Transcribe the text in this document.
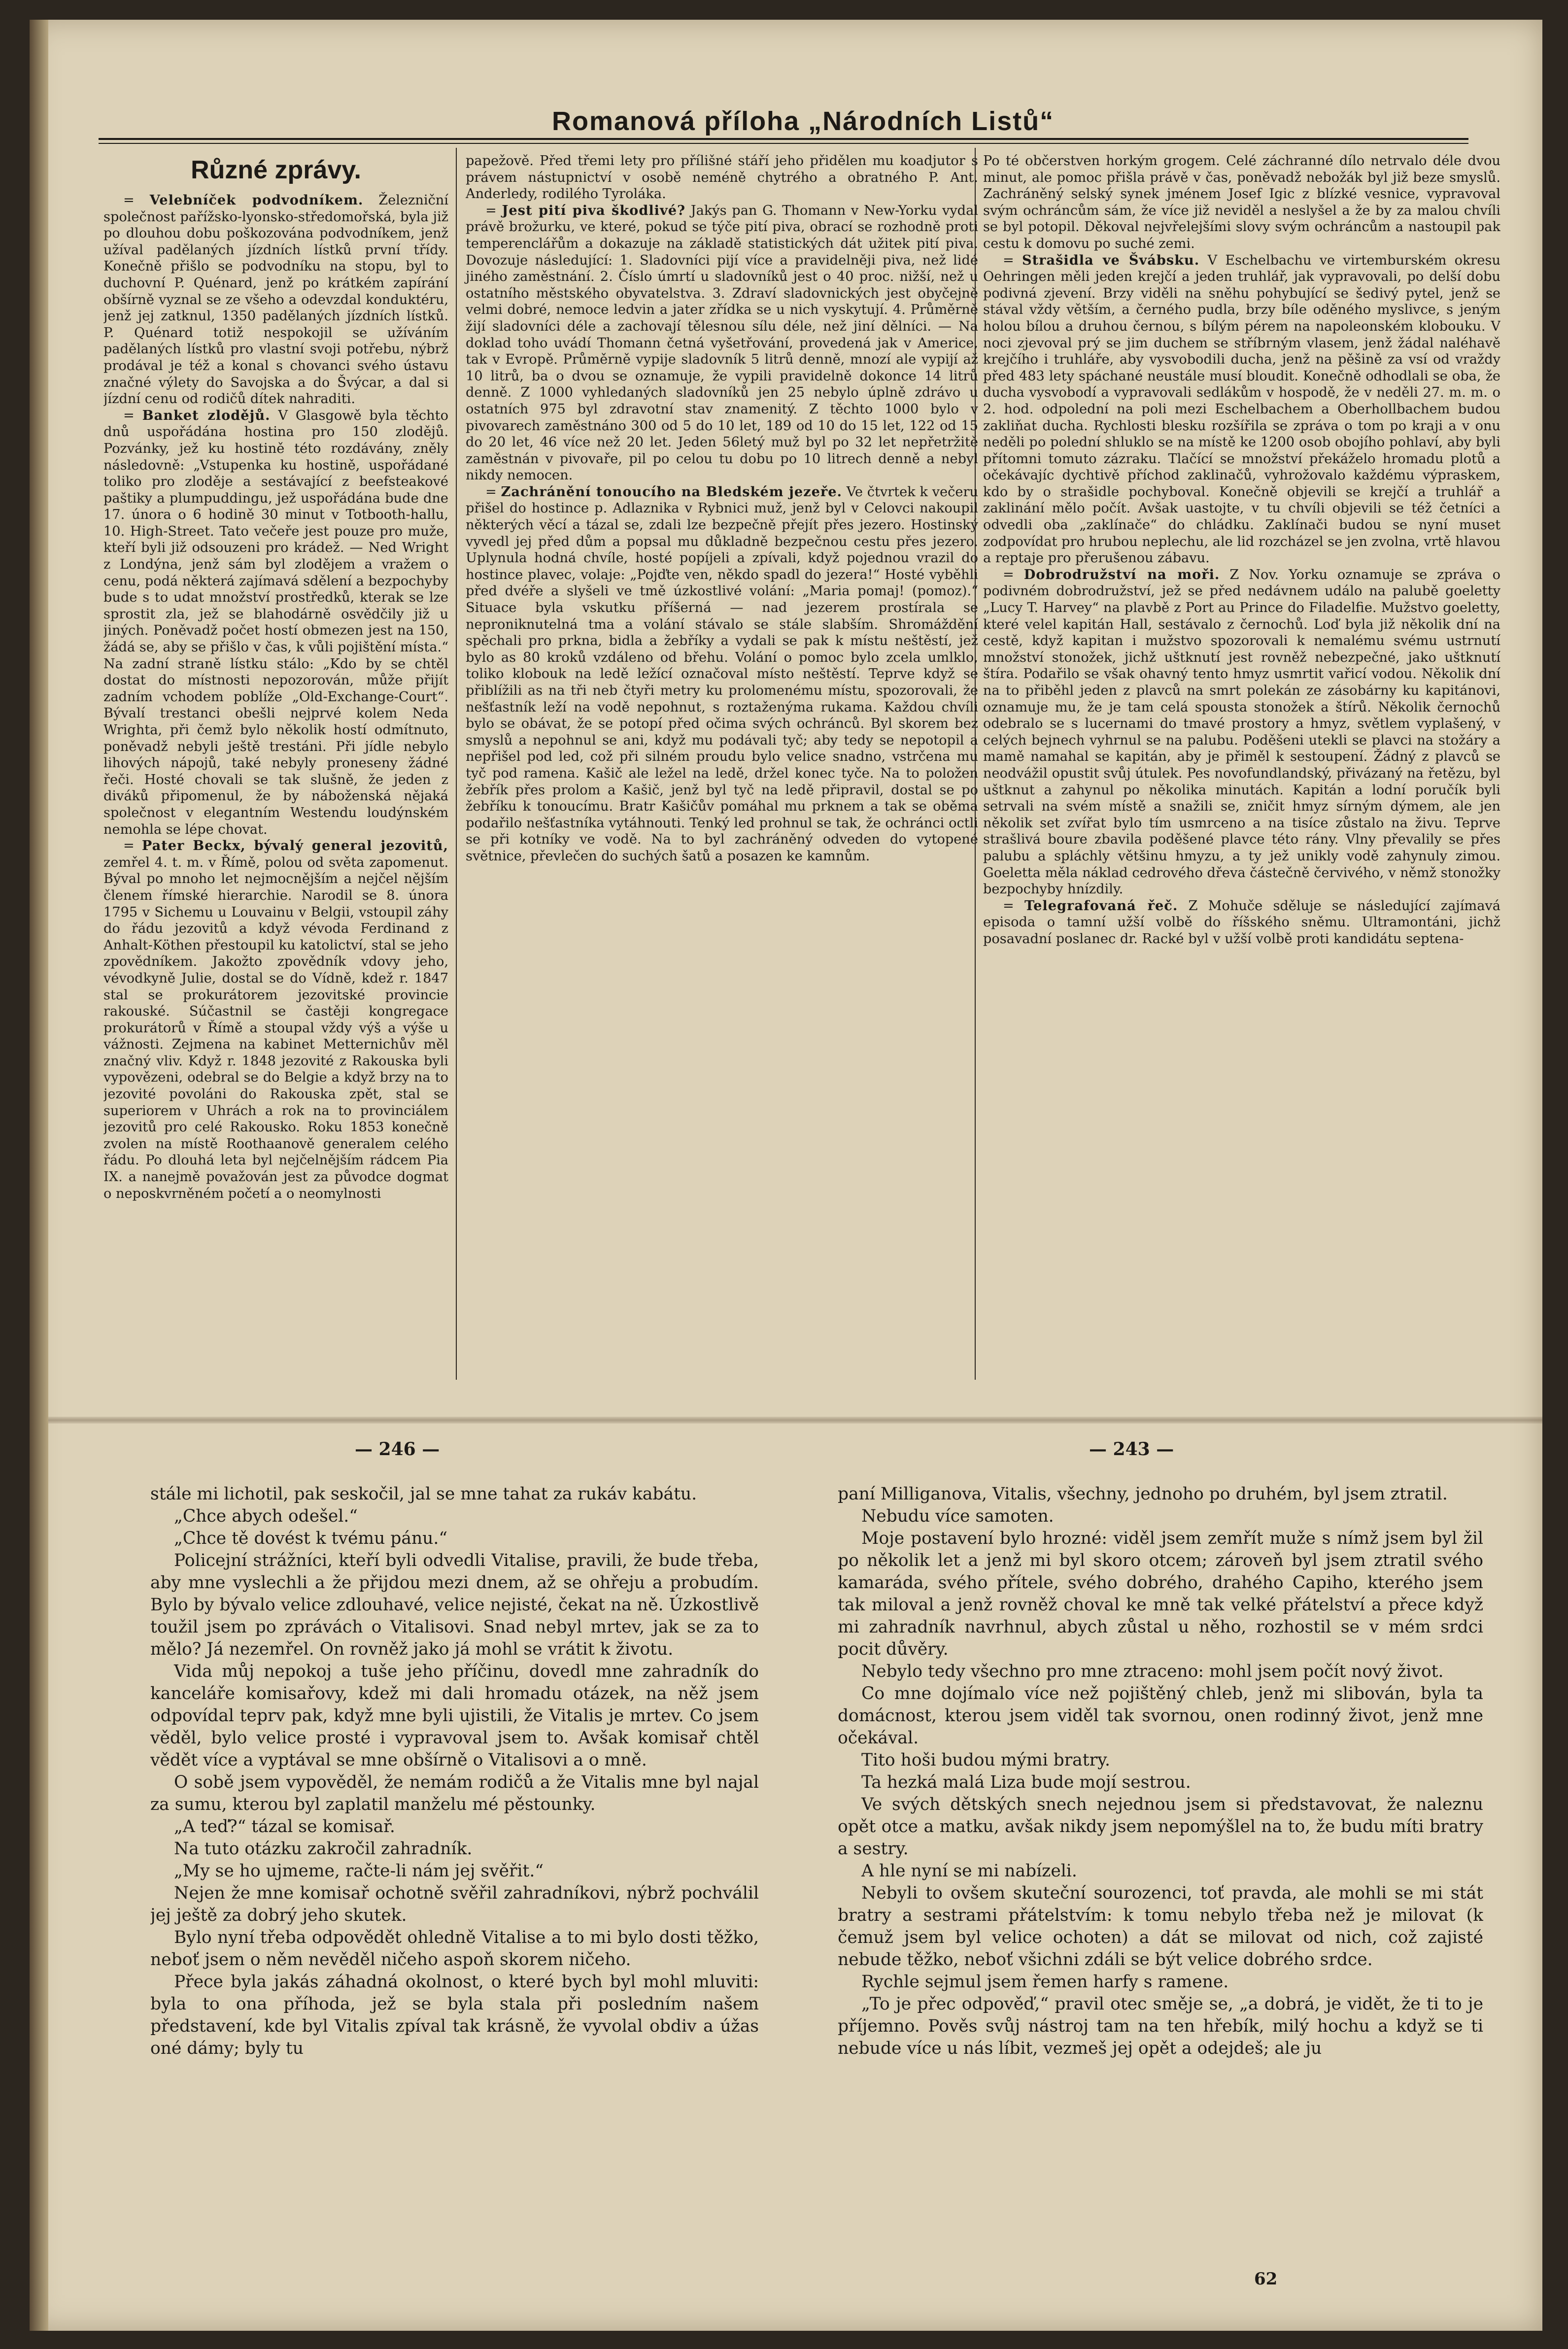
Romanová příloha „Národních Listů“
Různé zprávy.

= Velebníček podvodníkem. Železniční společnost pařížsko-lyonsko-středomořská, byla již po dlouhou dobu poškozována podvodníkem, jenž užíval padělaných jízdních lístků první třídy. Konečně přišlo se podvodníku na stopu, byl to duchovní P. Quénard, jenž po krátkém zapírání obšírně vyznal se ze všeho a odevzdal konduktéru, jenž jej zatknul, 1350 padělaných jízdních lístků. P. Quénard totiž nespokojil se užíváním padělaných lístků pro vlastní svoji potřebu, nýbrž prodával je též a konal s chovanci svého ústavu značné výlety do Savojska a do Švýcar, a dal si jízdní cenu od rodičů dítek nahraditi.

= Banket zlodějů. V Glasgowě byla těchto dnů uspořádána hostina pro 150 zlodějů. Pozvánky, jež ku hostině této rozdávány, zněly následovně: „Vstupenka ku hostině, uspořádané toliko pro zloděje a sestávající z beefsteakové paštiky a plumpuddingu, jež uspořádána bude dne 17. února o 6 hodině 30 minut v Totbooth-hallu, 10. High-Street. Tato večeře jest pouze pro muže, kteří byli již odsouzeni pro krádež. — Ned Wright z Londýna, jenž sám byl zlodějem a vražem o cenu, podá některá zajímavá sdělení a bezpochyby bude s to udat množství prostředků, kterak se lze sprostit zla, jež se blahodárně osvědčily již u jiných. Poněvadž počet hostí obmezen jest na 150, žádá se, aby se přišlo v čas, k vůli pojištění místa.“ Na zadní straně lístku stálo: „Kdo by se chtěl dostat do místnosti nepozorován, může přijít zadním vchodem poblíže „Old-Exchange-Court“. Bývalí trestanci obešli nejprvé kolem Neda Wrighta, při čemž bylo několik hostí odmítnuto, poněvadž nebyli ještě trestáni. Při jídle nebylo lihových nápojů, také nebyly proneseny žádné řeči. Hosté chovali se tak slušně, že jeden z diváků připomenul, že by náboženská nějaká společnost v elegantním Westendu loudýnském nemohla se lépe chovat.

= Pater Beckx, bývalý general jezovitů, zemřel 4. t. m. v Římě, polou od světa zapomenut. Býval po mnoho let nejmocnějším a nejčel nějším členem římské hierarchie. Narodil se 8. února 1795 v Sichemu u Louvainu v Belgii, vstoupil záhy do řádu jezovitů a když vévoda Ferdinand z Anhalt-Köthen přestoupil ku katolictví, stal se jeho zpovědníkem. Jakožto zpovědník vdovy jeho, vévodkyně Julie, dostal se do Vídně, kdež r. 1847 stal se prokurátorem jezovitské provincie rakouské. Súčastnil se častěji kongregace prokurátorů v Římě a stoupal vždy výš a výše u vážnosti. Zejmena na kabinet Metternichův měl značný vliv. Když r. 1848 jezovité z Rakouska byli vypovězeni, odebral se do Belgie a když brzy na to jezovité povoláni do Rakouska zpět, stal se superiorem v Uhrách a rok na to provinciálem jezovitů pro celé Rakousko. Roku 1853 konečně zvolen na místě Roothaanově generalem celého řádu. Po dlouhá leta byl nejčelnějším rádcem Pia IX. a nanejmě považován jest za původce dogmat o neposkvrněném početí a o neomylnosti

papežově. Před třemi lety pro přílišné stáří jeho přidělen mu koadjutor s právem nástupnictví v osobě neméně chytrého a obratného P. Ant. Anderledy, rodilého Tyroláka.

= Jest pití piva škodlivé? Jakýs pan G. Thomann v New-Yorku vydal právě brožurku, ve které, pokud se týče pití piva, obrací se rozhodně proti temperenclářům a dokazuje na základě statistických dát užitek pití piva. Dovozuje následující: 1. Sladovníci pijí více a pravidelněji piva, než lidé jiného zaměstnání. 2. Číslo úmrtí u sladovníků jest o 40 proc. nižší, než u ostatního městského obyvatelstva. 3. Zdraví sladovnických jest obyčejně velmi dobré, nemoce ledvin a jater zřídka se u nich vyskytují. 4. Průměrně žijí sladovníci déle a zachovají tělesnou sílu déle, než jiní dělníci. — Na doklad toho uvádí Thomann četná vyšetřování, provedená jak v Americe, tak v Evropě. Průměrně vypije sladovník 5 litrů denně, mnozí ale vypijí až 10 litrů, ba o dvou se oznamuje, že vypili pravidelně dokonce 14 litrů denně. Z 1000 vyhledaných sladovníků jen 25 nebylo úplně zdrávo u ostatních 975 byl zdravotní stav znamenitý. Z těchto 1000 bylo v pivovarech zaměstnáno 300 od 5 do 10 let, 189 od 10 do 15 let, 122 od 15 do 20 let, 46 více než 20 let. Jeden 56letý muž byl po 32 let nepřetržitě zaměstnán v pivovaře, pil po celou tu dobu po 10 litrech denně a nebyl nikdy nemocen.

= Zachránění tonoucího na Bledském jezeře. Ve čtvrtek k večeru přišel do hostince p. Adlaznika v Rybnici muž, jenž byl v Celovci nakoupil některých věcí a tázal se, zdali lze bezpečně přejít přes jezero. Hostinský vyvedl jej před dům a popsal mu důkladně bezpečnou cestu přes jezero. Uplynula hodná chvíle, hosté popíjeli a zpívali, když pojednou vrazil do hostince plavec, volaje: „Pojďte ven, někdo spadl do jezera!“ Hosté vyběhli před dvéře a slyšeli ve tmě úzkostlivé volání: „Maria pomaj! (pomoz).“ Situace byla vskutku příšerná — nad jezerem prostírala se neproniknutelná tma a volání stávalo se stále slabším. Shromáždění spěchali pro prkna, bidla a žebříky a vydali se pak k místu neštěstí, jež bylo as 80 kroků vzdáleno od břehu. Volání o pomoc bylo zcela umlklo, toliko klobouk na ledě ležící označoval místo neštěstí. Teprve když se přiblížili as na tři neb čtyři metry ku prolomenému místu, spozorovali, že nešťastník leží na vodě nepohnut, s roztaženýma rukama. Každou chvíli bylo se obávat, že se potopí před očima svých ochránců. Byl skorem bez smyslů a nepohnul se ani, když mu podávali tyč; aby tedy se nepotopil a nepřišel pod led, což při silném proudu bylo velice snadno, vstrčena mu tyč pod ramena. Kašič ale ležel na ledě, držel konec tyče. Na to položen žebřík přes prolom a Kašič, jenž byl tyč na ledě připravil, dostal se po žebříku k tonoucímu. Bratr Kašičův pomáhal mu prknem a tak se oběma podařilo nešťastníka vytáhnouti. Tenký led prohnul se tak, že ochránci octli se při kotníky ve vodě. Na to byl zachráněný odveden do vytopené světnice, převlečen do suchých šatů a posazen ke kamnům.

Po té občerstven horkým grogem. Celé záchranné dílo netrvalo déle dvou minut, ale pomoc přišla právě v čas, poněvadž nebožák byl již beze smyslů. Zachráněný selský synek jménem Josef Igic z blízké vesnice, vypravoval svým ochráncům sám, že více již neviděl a neslyšel a že by za malou chvíli se byl potopil. Děkoval nejvřelejšími slovy svým ochráncům a nastoupil pak cestu k domovu po suché zemi.

= Strašidla ve Švábsku. V Eschelbachu ve virtemburském okresu Oehringen měli jeden krejčí a jeden truhlář, jak vypravovali, po delší dobu podivná zjevení. Brzy viděli na sněhu pohybující se šedivý pytel, jenž se stával vždy větším, a černého pudla, brzy bíle oděného myslivce, s jeným holou bílou a druhou černou, s bílým pérem na napoleonském klobouku. V noci zjevoval prý se jim duchem se stříbrným vlasem, jenž žádal naléhavě krejčího i truhláře, aby vysvobodili ducha, jenž na pěšině za vsí od vraždy před 483 lety spáchané neustále musí bloudit. Konečně odhodlali se oba, že ducha vysvobodí a vypravovali sedlákům v hospodě, že v neděli 27. m. m. o 2. hod. odpolední na poli mezi Eschelbachem a Oberhollbachem budou zakliňat ducha. Rychlosti blesku rozšířila se zpráva o tom po kraji a v onu neděli po polední shluklo se na místě ke 1200 osob obojího pohlaví, aby byli přítomni tomuto zázraku. Tlačící se množství překáželo hromadu plotů a očekávajíc dychtivě příchod zaklinačů, vyhrožovalo každému výpraskem, kdo by o strašidle pochyboval. Konečně objevili se krejčí a truhlář a zaklinání mělo počít. Avšak uastojte, v tu chvíli objevili se též četníci a odvedli oba „zaklínače“ do chládku. Zaklínači budou se nyní muset zodpovídat pro hrubou neplechu, ale lid rozcházel se jen zvolna, vrtě hlavou a reptaje pro přerušenou zábavu.

= Dobrodružství na moři. Z Nov. Yorku oznamuje se zpráva o podivném dobrodružství, jež se před nedávnem událo na palubě goeletty „Lucy T. Harvey“ na plavbě z Port au Prince do Filadelfie. Mužstvo goeletty, které velel kapitán Hall, sestávalo z černochů. Loď byla již několik dní na cestě, když kapitan i mužstvo spozorovali k nemalému svému ustrnutí množství stonožek, jichž uštknutí jest rovněž nebezpečné, jako uštknutí štíra. Podařilo se však ohavný tento hmyz usmrtit vařicí vodou. Několik dní na to přiběhl jeden z plavců na smrt polekán ze zásobárny ku kapitánovi, oznamuje mu, že je tam celá spousta stonožek a štírů. Několik černochů odebralo se s lucernami do tmavé prostory a hmyz, světlem vyplašený, v celých bejnech vyhrnul se na palubu. Poděšeni utekli se plavci na stožáry a mamě namahal se kapitán, aby je přiměl k sestoupení. Žádný z plavců se neodvážil opustit svůj útulek. Pes novofundlandský, přivázaný na řetězu, byl uštknut a zahynul po několika minutách. Kapitán a lodní poručík byli setrvali na svém místě a snažili se, zničit hmyz sírným dýmem, ale jen několik set zvířat bylo tím usmrceno a na tisíce zůstalo na živu. Teprve strašlivá boure zbavila poděšené plavce této rány. Vlny převalily se přes palubu a spláchly většinu hmyzu, a ty jež unikly vodě zahynuly zimou. Goeletta měla náklad cedrového dřeva částečně červivého, v němž stonožky bezpochyby hnízdily.

= Telegrafovaná řeč. Z Mohuče sděluje se následující zajímavá episoda o tamní užší volbě do říšského sněmu. Ultramontáni, jichž posavadní poslanec dr. Racké byl v užší volbě proti kandidátu septena-

— 246 —	— 243 —

stále mi lichotil, pak seskočil, jal se mne tahat za rukáv kabátu.

„Chce abych odešel.“

„Chce tě dovést k tvému pánu.“

Policejní strážníci, kteří byli odvedli Vitalise, pravili, že bude třeba, aby mne vyslechli a že přijdou mezi dnem, až se ohřeju a probudím. Bylo by bývalo velice zdlouhavé, velice nejisté, čekat na ně. Úzkostlivě toužil jsem po zprávách o Vitalisovi. Snad nebyl mrtev, jak se za to mělo? Já nezemřel. On rovněž jako já mohl se vrátit k životu.

Vida můj nepokoj a tuše jeho příčinu, dovedl mne zahradník do kanceláře komisařovy, kdež mi dali hromadu otázek, na něž jsem odpovídal teprv pak, když mne byli ujistili, že Vitalis je mrtev. Co jsem věděl, bylo velice prosté i vypravoval jsem to. Avšak komisař chtěl vědět více a vyptával se mne obšírně o Vitalisovi a o mně.

O sobě jsem vypověděl, že nemám rodičů a že Vitalis mne byl najal za sumu, kterou byl zaplatil manželu mé pěstounky.

„A teď?“ tázal se komisař.

Na tuto otázku zakročil zahradník.

„My se ho ujmeme, račte-li nám jej svěřit.“

Nejen že mne komisař ochotně svěřil zahradníkovi, nýbrž pochválil jej ještě za dobrý jeho skutek.

Bylo nyní třeba odpovědět ohledně Vitalise a to mi bylo dosti těžko, neboť jsem o něm nevěděl ničeho aspoň skorem ničeho.

Přece byla jakás záhadná okolnost, o které bych byl mohl mluviti: byla to ona příhoda, jež se byla stala při posledním našem představení, kde byl Vitalis zpíval tak krásně, že vyvolal obdiv a úžas oné dámy; byly tu

paní Milliganova, Vitalis, všechny, jednoho po druhém, byl jsem ztratil.

Nebudu více samoten.

Moje postavení bylo hrozné: viděl jsem zemřít muže s nímž jsem byl žil po několik let a jenž mi byl skoro otcem; zároveň byl jsem ztratil svého kamaráda, svého přítele, svého dobrého, drahého Capiho, kterého jsem tak miloval a jenž rovněž choval ke mně tak velké přátelství a přece když mi zahradník navrhnul, abych zůstal u něho, rozhostil se v mém srdci pocit důvěry.

Nebylo tedy všechno pro mne ztraceno: mohl jsem počít nový život.

Co mne dojímalo více než pojištěný chleb, jenž mi slibován, byla ta domácnost, kterou jsem viděl tak svornou, onen rodinný život, jenž mne očekával.

Tito hoši budou mými bratry.

Ta hezká malá Liza bude mojí sestrou.

Ve svých dětských snech nejednou jsem si představovat, že naleznu opět otce a matku, avšak nikdy jsem nepomýšlel na to, že budu míti bratry a sestry.

A hle nyní se mi nabízeli.

Nebyli to ovšem skuteční sourozenci, toť pravda, ale mohli se mi stát bratry a sestrami přátelstvím: k tomu nebylo třeba než je milovat (k čemuž jsem byl velice ochoten) a dát se milovat od nich, což zajisté nebude těžko, neboť všichni zdáli se být velice dobrého srdce.

Rychle sejmul jsem řemen harfy s ramene.

„To je přec odpověď,“ pravil otec směje se, „a dobrá, je vidět, že ti to je příjemno. Pověs svůj nástroj tam na ten hřebík, milý hochu a když se ti nebude více u nás líbit, vezmeš jej opět a odejdeš; ale ju

62
